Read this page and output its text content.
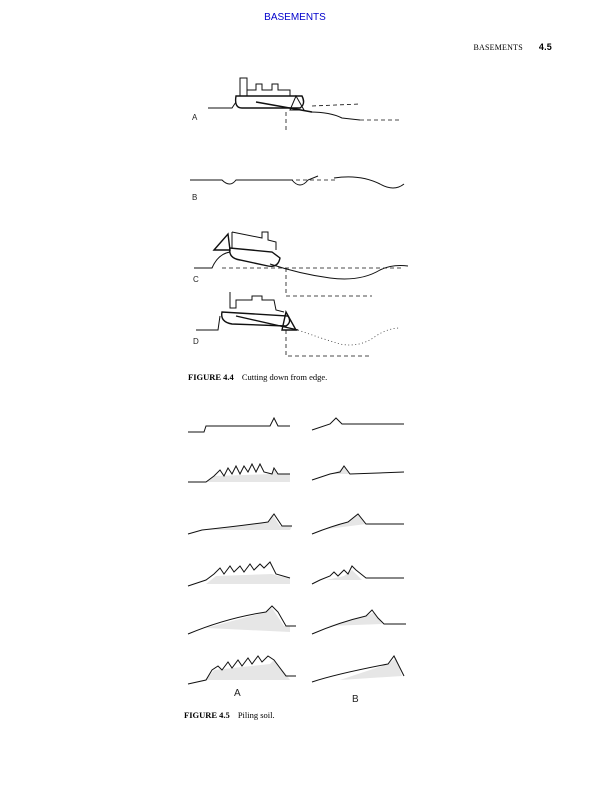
BASEMENTS
BASEMENTS 4.5
A
B
C
D
FIGURE 4.4 Cutting down from edge.
A
B
FIGURE 4.5 Piling soil.
